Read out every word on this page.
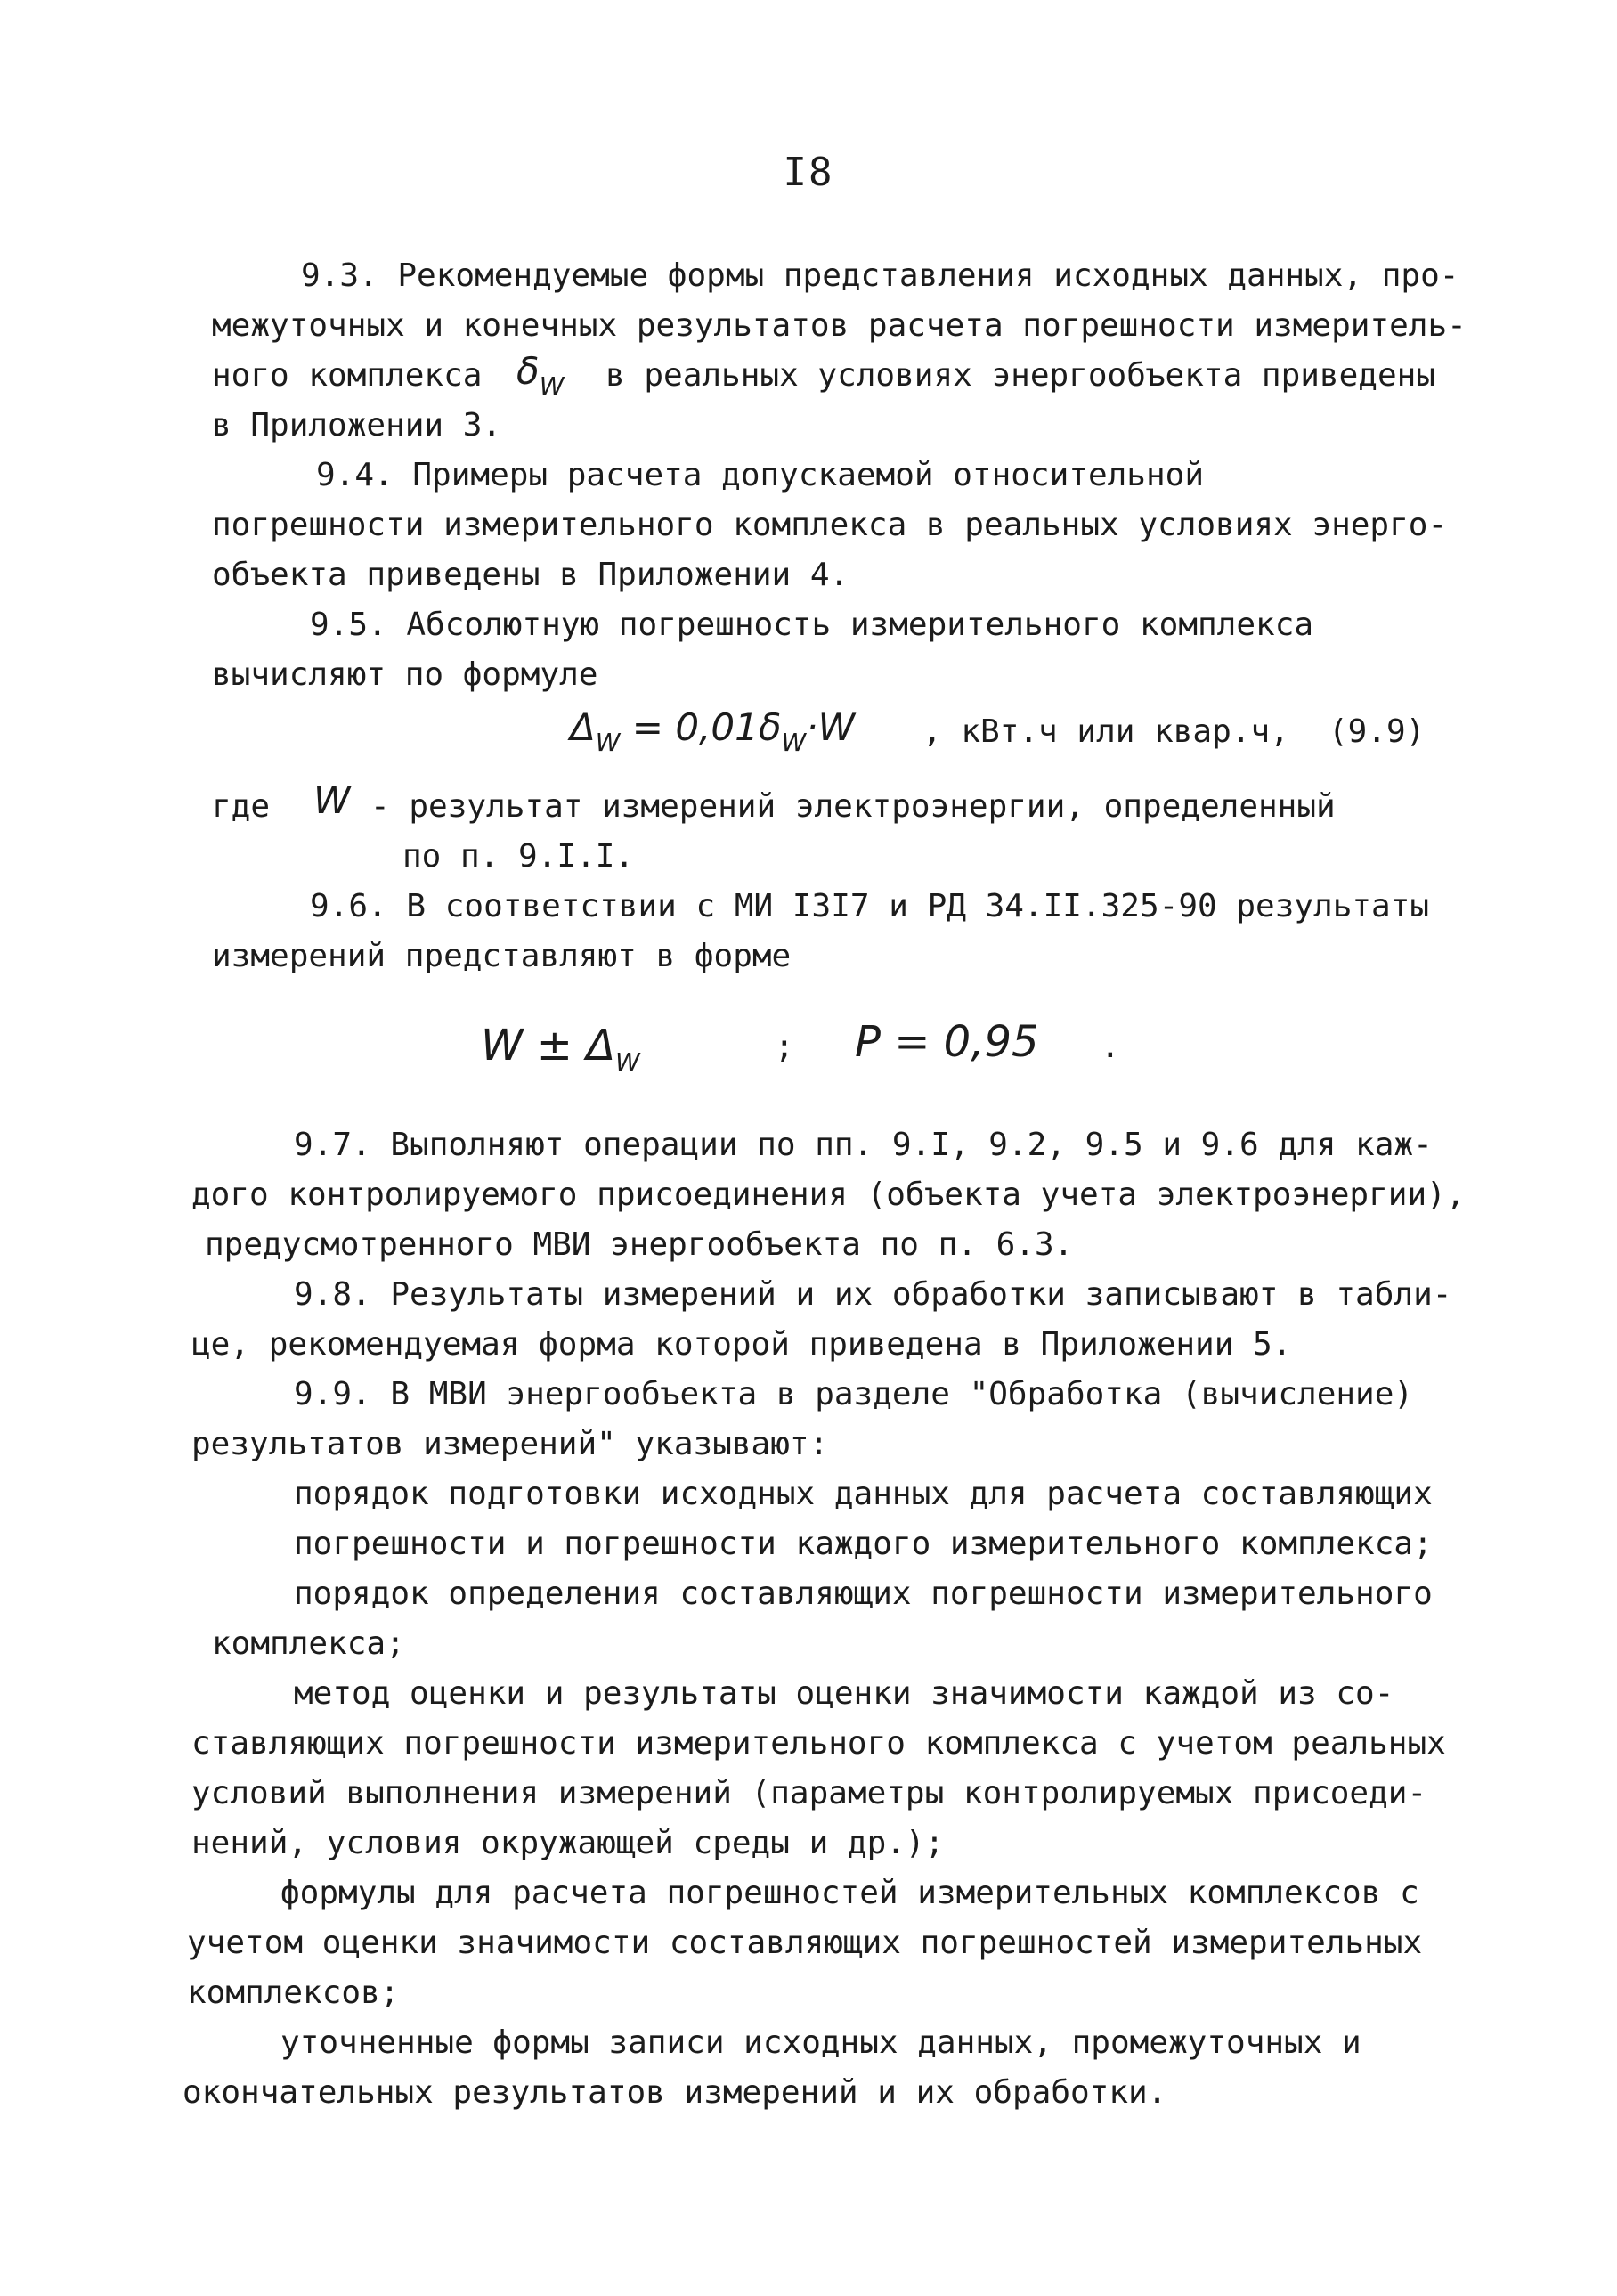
I8
9.3. Рекомендуемые формы представления исходных данных, про-
межуточных и конечных результатов расчета погрешности измеритель-
ного комплекса $\delta_W$ в реальных условиях энергообъекта приведены
в Приложении 3.
9.4. Примеры расчета допускаемой относительной
погрешности измерительного комплекса в реальных условиях энерго-
объекта приведены в Приложении 4.
9.5. Абсолютную погрешность измерительного комплекса
вычисляют по формуле
$\Delta_W = 0,01\delta_W\cdot W$ , кВт.ч или квар.ч, (9.9)
где W - результат измерений электроэнергии, определенный
по п. 9.I.I.
9.6. В соответствии с МИ I3I7 и РД 34.II.325-90 результаты
измерений представляют в форме
$W \pm \Delta_W$	; P = 0,95 .
9.7. Выполняют операции по пп. 9.I, 9.2, 9.5 и 9.6 для каж-
дого контролируемого присоединения (объекта учета электроэнергии),
предусмотренного МВИ энергообъекта по п. 6.3.
9.8. Результаты измерений и их обработки записывают в табли-
це, рекомендуемая форма которой приведена в Приложении 5.
9.9. В МВИ энергообъекта в разделе "Обработка (вычисление)
результатов измерений" указывают:
порядок подготовки исходных данных для расчета составляющих
погрешности и погрешности каждого измерительного комплекса;
порядок определения составляющих погрешности измерительного
комплекса;
метод оценки и результаты оценки значимости каждой из со-
ставляющих погрешности измерительного комплекса с учетом реальных
условий выполнения измерений (параметры контролируемых присоеди-
нений, условия окружающей среды и др.);
формулы для расчета погрешностей измерительных комплексов с
учетом оценки значимости составляющих погрешностей измерительных
комплексов;
уточненные формы записи исходных данных, промежуточных и
окончательных результатов измерений и их обработки.
